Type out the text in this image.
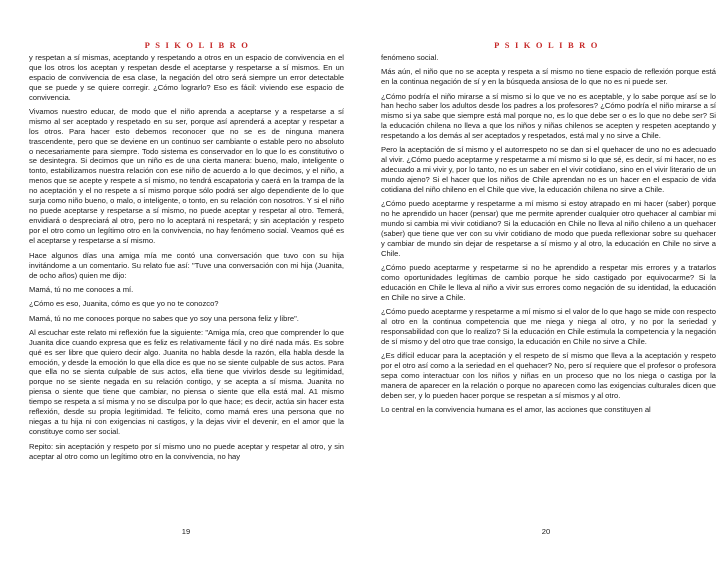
PSIKOLIBRO

y respetan a sí mismas, aceptando y respetando a otros en un espacio de convivencia en el que los otros los aceptan y respetan desde el aceptarse y respetarse a sí mismos. En un espacio de convivencia de esa clase, la negación del otro será siempre un error detectable que se puede y se quiere corregir. ¿Cómo lograrlo? Eso es fácil: viviendo ese espacio de convivencia.

Vivamos nuestro educar, de modo que el niño aprenda a aceptarse y a respetarse a sí mismo al ser aceptado y respetado en su ser, porque así aprenderá a aceptar y respetar a los otros. Para hacer esto debemos reconocer que no se es de ninguna manera trascendente, pero que se deviene en un continuo ser cambiante o estable pero no absoluto o necesariamente para siempre. Todo sistema es conservador en lo que lo es constitutivo o se desintegra. Si decimos que un niño es de una cierta manera: bueno, malo, inteligente o tonto, estabilizamos nuestra relación con ese niño de acuerdo a lo que decimos, y el niño, a menos que se acepte y respete a sí mismo, no tendrá escapatoria y caerá en la trampa de la no aceptación y el no respete a sí mismo porque sólo podrá ser algo dependiente de lo que surja como niño bueno, o malo, o inteligente, o tonto, en su relación con nosotros. Y si el niño no puede aceptarse y respetarse a sí mismo, no puede aceptar y respetar al otro. Temerá, envidiará o despreciará al otro, pero no lo aceptará ni respetará; y sin aceptación y respeto por el otro como un legítimo otro en la convivencia, no hay fenómeno social. Veamos qué es el aceptarse y respetarse a sí mismo.

Hace algunos días una amiga mía me contó una conversación que tuvo con su hija invitándome a un comentario. Su relato fue así: "Tuve una conversación con mi hija (Juanita, de ocho años) quien me dijo:

Mamá, tú no me conoces a mí.

¿Cómo es eso, Juanita, cómo es que yo no te conozco?

Mamá, tú no me conoces porque no sabes que yo soy una persona feliz y libre".

Al escuchar este relato mi reflexión fue la siguiente: "Amiga mía, creo que comprender lo que Juanita dice cuando expresa que es feliz es relativamente fácil y no diré nada más. Es sobre qué es ser libre que quiero decir algo. Juanita no habla desde la razón, ella habla desde la emoción, y desde la emoción lo que ella dice es que no se siente culpable de sus actos. Para que ella no se sienta culpable de sus actos, ella tiene que vivirlos desde su legitimidad, porque no se siente negada en su relación contigo, y se acepta a sí misma. Juanita no piensa o siente que tiene que cambiar, no piensa o siente que ella está mal. A1 mismo tiempo se respeta a sí misma y no se disculpa por lo que hace; es decir, actúa sin hacer esta reflexión, desde su propia legitimidad. Te felicito, como mamá eres una persona que no niegas a tu hija ni con exigencias ni castigos, y la dejas vivir el devenir, en el amor que la constituye como ser social.

Repito: sin aceptación y respeto por sí mismo uno no puede aceptar y respetar al otro, y sin aceptar al otro como un legítimo otro en la convivencia, no hay

19
PSIKOLIBRO

fenómeno social.

Más aún, el niño que no se acepta y respeta a sí mismo no tiene espacio de reflexión porque está en la continua negación de sí y en la búsqueda ansiosa de lo que no es ni puede ser.

¿Cómo podría el niño mirarse a sí mismo si lo que ve no es aceptable, y lo sabe porque así se lo han hecho saber los adultos desde los padres a los profesores? ¿Cómo podría el niño mirarse a sí mismo si ya sabe que siempre está mal porque no, es lo que debe ser o es lo que no debe ser? Si la educación chilena no lleva a que los niños y niñas chilenos se acepten y respeten aceptando y respetando a los demás al ser aceptados y respetados, está mal y no sirve a Chile.

Pero la aceptación de sí mismo y el autorrespeto no se dan si el quehacer de uno no es adecuado al vivir. ¿Cómo puedo aceptarme y respetarme a mí mismo si lo que sé, es decir, sí mi hacer, no es adecuado a mi vivir y, por lo tanto, no es un saber en el vivir cotidiano, sino en el vivir literario de un mundo ajeno? Si el hacer que los niños de Chile aprendan no es un hacer en el espacio de vida cotidiana del niño chileno en el Chile que vive, la educación chilena no sirve a Chile.

¿Cómo puedo aceptarme y respetarme a mí mismo si estoy atrapado en mi hacer (saber) porque no he aprendido un hacer (pensar) que me permite aprender cualquier otro quehacer al cambiar mi mundo si cambia mi vivir cotidiano? Si la educación en Chile no lleva al niño chileno a un quehacer (saber) que tiene que ver con su vivir cotidiano de modo que pueda reflexionar sobre su quehacer y cambiar de mundo sin dejar de respetarse a sí mismo y al otro, la educación en Chile no sirve a Chile.

¿Cómo puedo aceptarme y respetarme si no he aprendido a respetar mis errores y a tratarlos como oportunidades legítimas de cambio porque he sido castigado por equivocarme? Si la educación en Chile le lleva al niño a vivir sus errores como negación de su identidad, la educación en Chile no sirve a Chile.

¿Cómo puedo aceptarme y respetarme a mí mismo si el valor de lo que hago se mide con respecto al otro en la continua competencia que me niega y niega al otro, y no por la seriedad y responsabilidad con que lo realizo? Si la educación en Chile estimula la competencia y la negación de sí mismo y del otro que trae consigo, la educación en Chile no sirve a Chile.

¿Es difícil educar para la aceptación y el respeto de sí mismo que lleva a la aceptación y respeto por el otro así como a la seriedad en el quehacer? No, pero sí requiere que el profesor o profesora sepa como interactuar con los niños y niñas en un proceso que no los niega o castiga por la manera de aparecer en la relación o porque no aparecen como las exigencias culturales dicen que deben ser, y lo pueden hacer porque se respetan a sí mismos y al otro.

Lo central en la convivencia humana es el amor, las acciones que constituyen al

20
